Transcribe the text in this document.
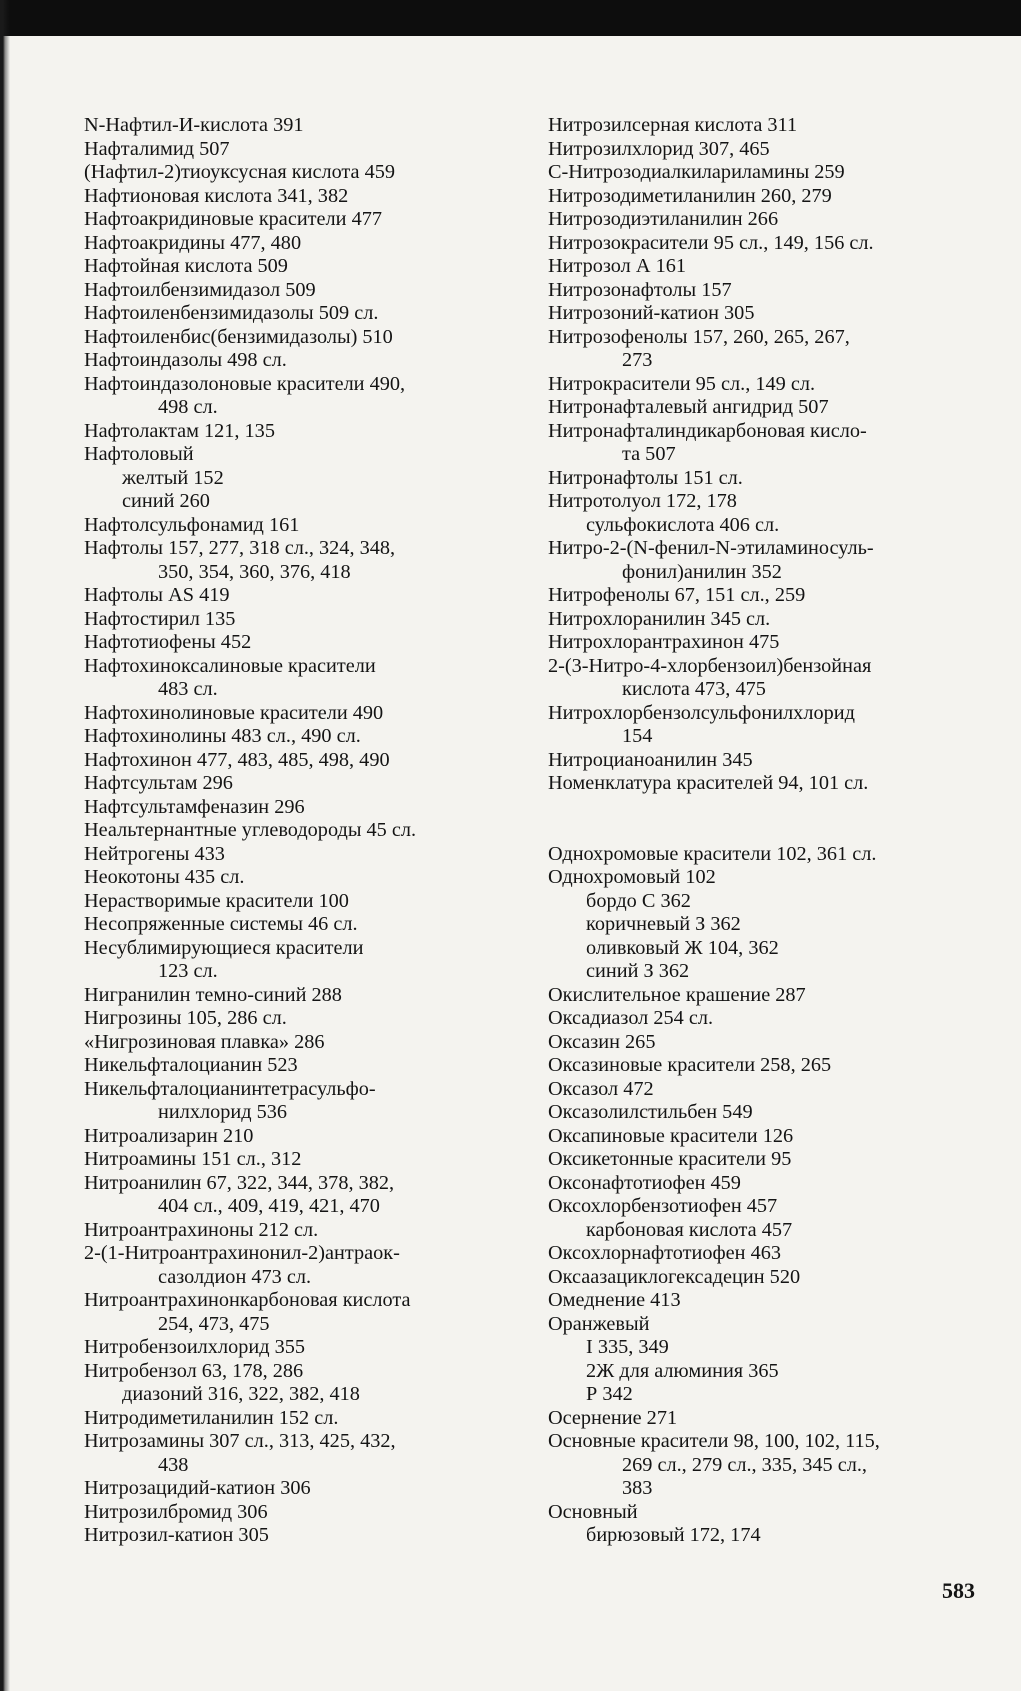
N-Нафтил-И-кислота 391
Нафталимид 507
(Нафтил-2)тиоуксусная кислота 459
Нафтионовая кислота 341, 382
Нафтоакридиновые красители 477
Нафтоакридины 477, 480
Нафтойная кислота 509
Нафтоилбензимидазол 509
Нафтоиленбензимидазолы 509 сл.
Нафтоиленбис(бензимидазолы) 510
Нафтоиндазолы 498 сл.
Нафтоиндазолоновые красители 490,
498 сл.
Нафтолактам 121, 135
Нафтоловый
желтый 152
синий 260
Нафтолсульфонамид 161
Нафтолы 157, 277, 318 сл., 324, 348,
350, 354, 360, 376, 418
Нафтолы AS 419
Нафтостирил 135
Нафтотиофены 452
Нафтохиноксалиновые красители
483 сл.
Нафтохинолиновые красители 490
Нафтохинолины 483 сл., 490 сл.
Нафтохинон 477, 483, 485, 498, 490
Нафтсультам 296
Нафтсультамфеназин 296
Неальтернантные углеводороды 45 сл.
Нейтрогены 433
Неокотоны 435 сл.
Нерастворимые красители 100
Несопряженные системы 46 сл.
Несублимирующиеся красители
123 сл.
Нигранилин темно-синий 288
Нигрозины 105, 286 сл.
«Нигрозиновая плавка» 286
Никельфталоцианин 523
Никельфталоцианинтетрасульфо-
нилхлорид 536
Нитроализарин 210
Нитроамины 151 сл., 312
Нитроанилин 67, 322, 344, 378, 382,
404 сл., 409, 419, 421, 470
Нитроантрахиноны 212 сл.
2-(1-Нитроантрахинонил-2)антраок-
сазолдион 473 сл.
Нитроантрахинонкарбоновая кислота
254, 473, 475
Нитробензоилхлорид 355
Нитробензол 63, 178, 286
диазоний 316, 322, 382, 418
Нитродиметиланилин 152 сл.
Нитрозамины 307 сл., 313, 425, 432,
438
Нитрозацидий-катион 306
Нитрозилбромид 306
Нитрозил-катион 305
Нитрозилсерная кислота 311
Нитрозилхлорид 307, 465
С-Нитрозодиалкилариламины 259
Нитрозодиметиланилин 260, 279
Нитрозодиэтиланилин 266
Нитрозокрасители 95 сл., 149, 156 сл.
Нитрозол А 161
Нитрозонафтолы 157
Нитрозоний-катион 305
Нитрозофенолы 157, 260, 265, 267,
273
Нитрокрасители 95 сл., 149 сл.
Нитронафталевый ангидрид 507
Нитронафталиндикарбоновая кисло-
та 507
Нитронафтолы 151 сл.
Нитротолуол 172, 178
сульфокислота 406 сл.
Нитро-2-(N-фенил-N-этиламиносуль-
фонил)анилин 352
Нитрофенолы 67, 151 сл., 259
Нитрохлоранилин 345 сл.
Нитрохлорантрахинон 475
2-(3-Нитро-4-хлорбензоил)бензойная
кислота 473, 475
Нитрохлорбензолсульфонилхлорид
154
Нитроцианоанилин 345
Номенклатура красителей 94, 101 сл.
Однохромовые красители 102, 361 сл.
Однохромовый 102
бордо С 362
коричневый З 362
оливковый Ж 104, 362
синий З 362
Окислительное крашение 287
Оксадиазол 254 сл.
Оксазин 265
Оксазиновые красители 258, 265
Оксазол 472
Оксазолилстильбен 549
Оксапиновые красители 126
Оксикетонные красители 95
Оксонафтотиофен 459
Оксохлорбензотиофен 457
карбоновая кислота 457
Оксохлорнафтотиофен 463
Оксаазациклогексадецин 520
Омеднение 413
Оранжевый
I 335, 349
2Ж для алюминия 365
Р 342
Осернение 271
Основные красители 98, 100, 102, 115,
269 сл., 279 сл., 335, 345 сл.,
383
Основный
бирюзовый 172, 174
583
